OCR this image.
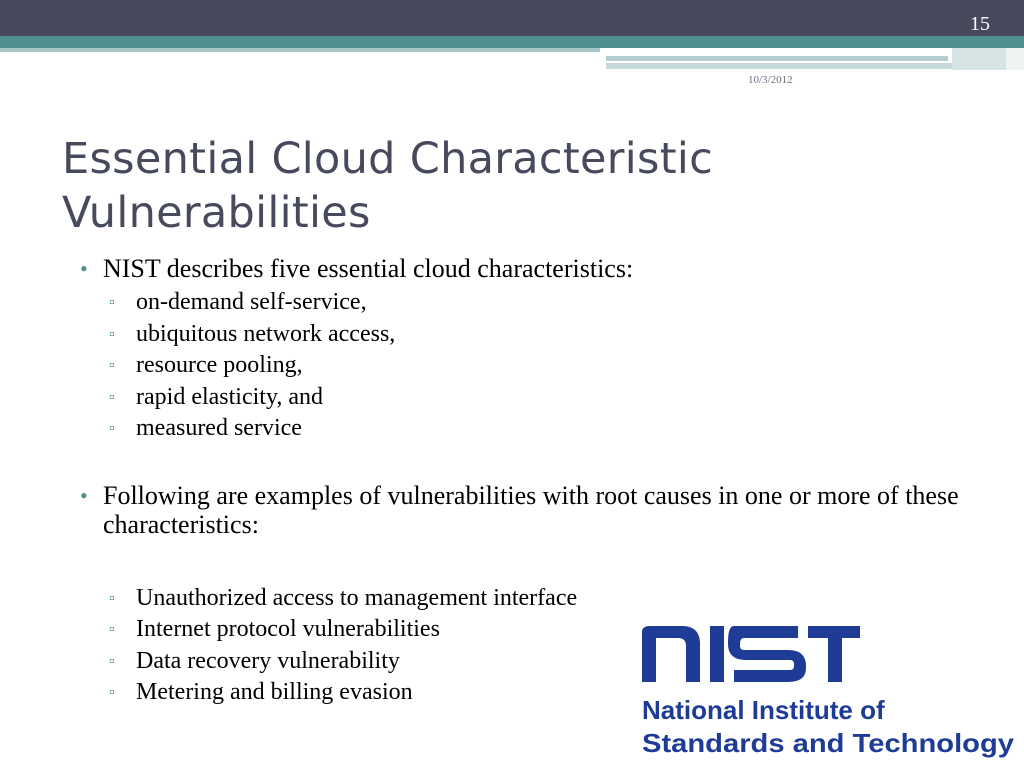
15
10/3/2012
Essential Cloud Characteristic
Vulnerabilities
• NIST describes five essential cloud characteristics:
▫ on-demand self-service,
▫ ubiquitous network access,
▫ resource pooling,
▫ rapid elasticity, and
▫ measured service
• Following are examples of vulnerabilities with root causes in one or more of these characteristics:
▫ Unauthorized access to management interface
▫ Internet protocol vulnerabilities
▫ Data recovery vulnerability
▫ Metering and billing evasion
National Institute of
Standards and Technology
